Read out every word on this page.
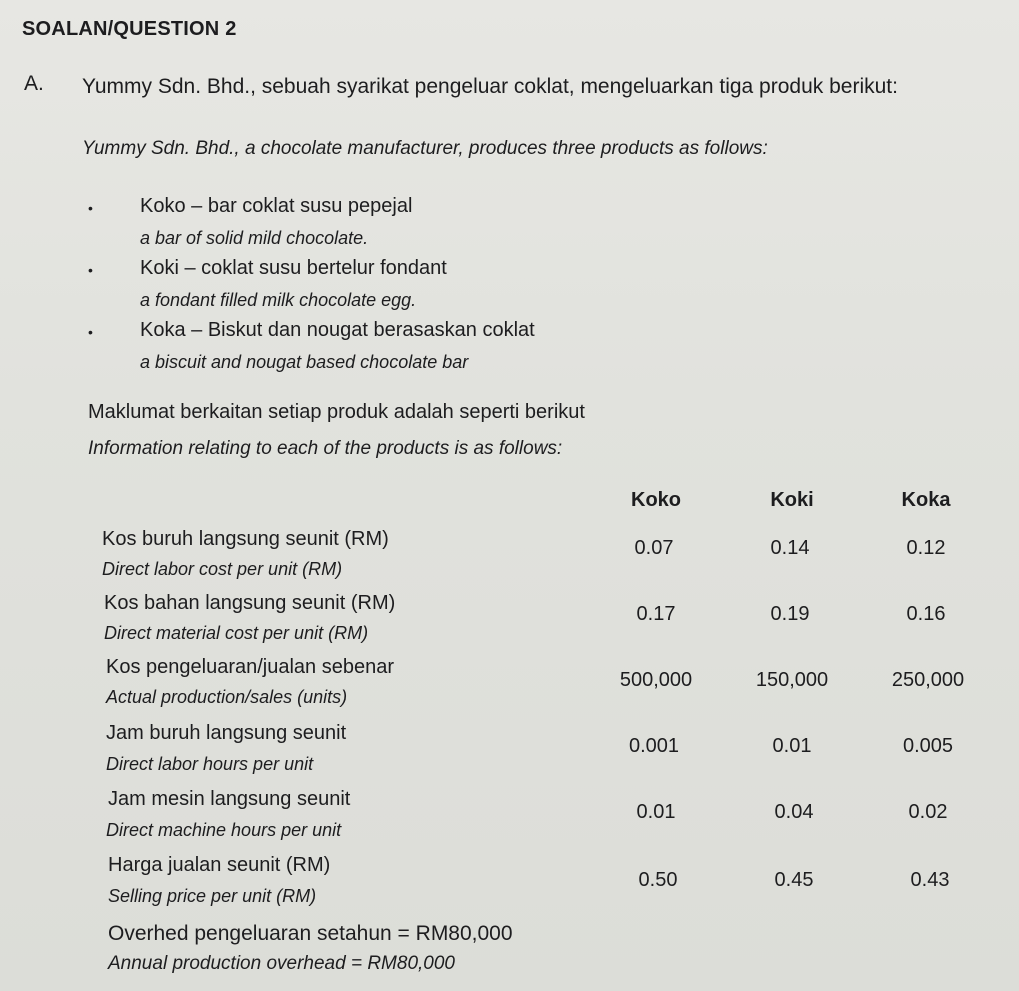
SOALAN/QUESTION 2
A. Yummy Sdn. Bhd., sebuah syarikat pengeluar coklat, mengeluarkan tiga produk berikut:
Yummy Sdn. Bhd., a chocolate manufacturer, produces three products as follows:
• Koko – bar coklat susu pepejal
a bar of solid mild chocolate.
• Koki – coklat susu bertelur fondant
a fondant filled milk chocolate egg.
• Koka – Biskut dan nougat berasaskan coklat
a biscuit and nougat based chocolate bar
Maklumat berkaitan setiap produk adalah seperti berikut
Information relating to each of the products is as follows:
Koko	Koki	Koka
Kos buruh langsung seunit (RM)
Direct labor cost per unit (RM)
0.07	0.14	0.12
Kos bahan langsung seunit (RM)
Direct material cost per unit (RM)
0.17	0.19	0.16
Kos pengeluaran/jualan sebenar
Actual production/sales (units)
500,000	150,000	250,000
Jam buruh langsung seunit
Direct labor hours per unit
0.001	0.01	0.005
Jam mesin langsung seunit
Direct machine hours per unit
0.01	0.04	0.02
Harga jualan seunit (RM)
Selling price per unit (RM)
0.50	0.45	0.43
Overhed pengeluaran setahun = RM80,000
Annual production overhead = RM80,000
